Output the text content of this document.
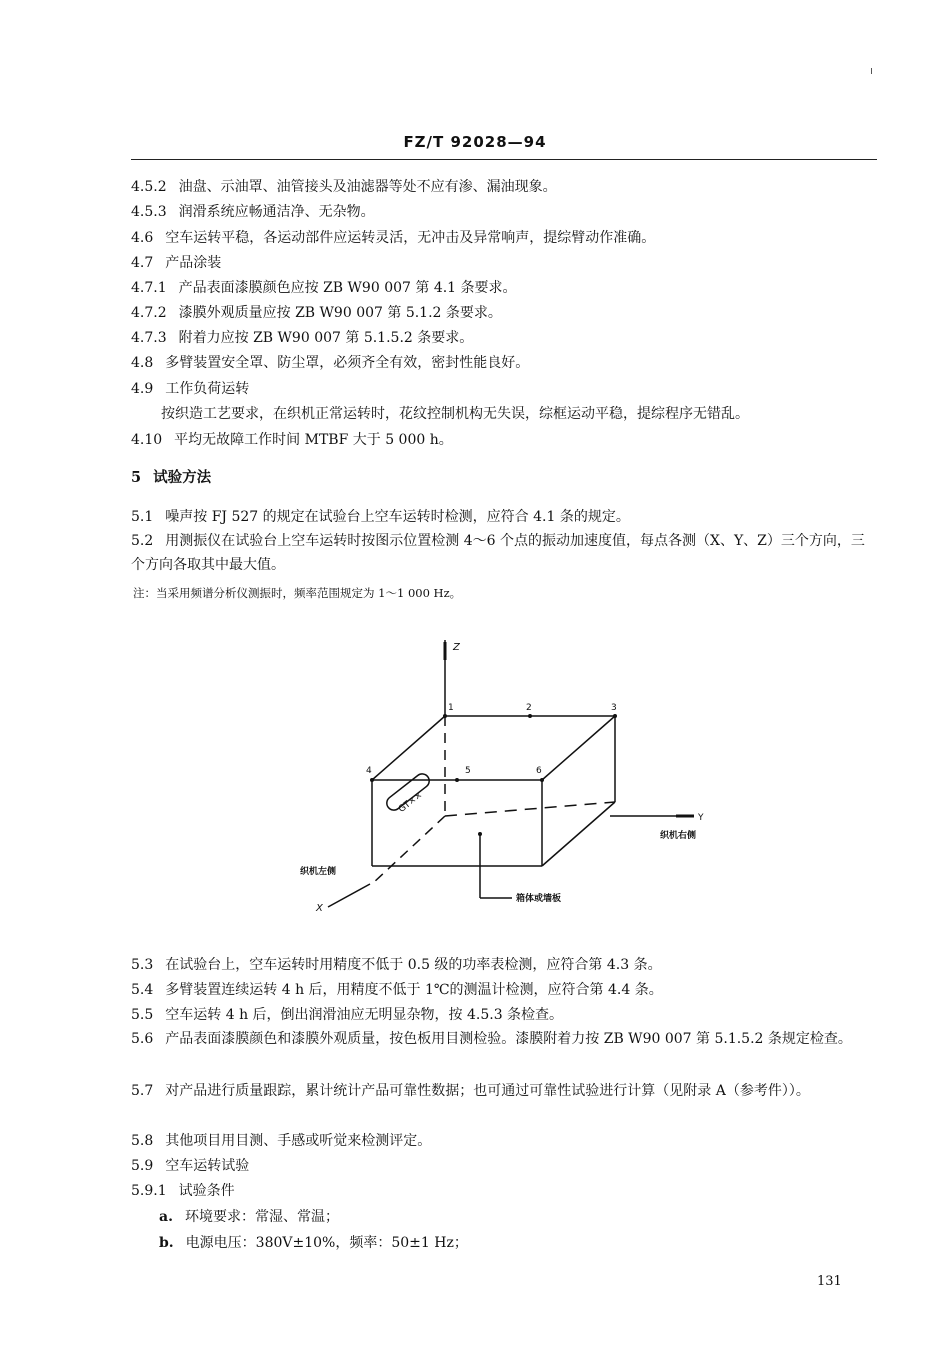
FZ/T 92028—94
4.5.2 油盘、示油罩、油管接头及油滤器等处不应有渗、漏油现象。
4.5.3 润滑系统应畅通洁净、无杂物。
4.6 空车运转平稳，各运动部件应运转灵活，无冲击及异常响声，提综臂动作准确。
4.7 产品涂装
4.7.1 产品表面漆膜颜色应按 ZB W90 007 第 4.1 条要求。
4.7.2 漆膜外观质量应按 ZB W90 007 第 5.1.2 条要求。
4.7.3 附着力应按 ZB W90 007 第 5.1.5.2 条要求。
4.8 多臂装置安全罩、防尘罩，必须齐全有效，密封性能良好。
4.9 工作负荷运转
按织造工艺要求，在织机正常运转时，花纹控制机构无失误，综框运动平稳，提综程序无错乱。
4.10 平均无故障工作时间 MTBF 大于 5 000 h。
5 试验方法
5.1 噪声按 FJ 527 的规定在试验台上空车运转时检测，应符合 4.1 条的规定。
5.2 用测振仪在试验台上空车运转时按图示位置检测 4～6 个点的振动加速度值，每点各测（X、Y、Z）三个方向，三个方向各取其中最大值。
注：当采用频谱分析仪测振时，频率范围规定为 1～1 000 Hz。
Z
Y
X
1	2	3
4	5	6
GT××
织机右侧
织机左侧
箱体或墙板
5.3 在试验台上，空车运转时用精度不低于 0.5 级的功率表检测，应符合第 4.3 条。
5.4 多臂装置连续运转 4 h 后，用精度不低于 1℃的测温计检测，应符合第 4.4 条。
5.5 空车运转 4 h 后，倒出润滑油应无明显杂物，按 4.5.3 条检查。
5.6 产品表面漆膜颜色和漆膜外观质量，按色板用目测检验。漆膜附着力按 ZB W90 007 第 5.1.5.2 条规定检查。
5.7 对产品进行质量跟踪，累计统计产品可靠性数据；也可通过可靠性试验进行计算（见附录 A（参考件））。
5.8 其他项目用目测、手感或听觉来检测评定。
5.9 空车运转试验
5.9.1 试验条件
a. 环境要求：常湿、常温；
b. 电源电压：380V±10%，频率：50±1 Hz；
131
